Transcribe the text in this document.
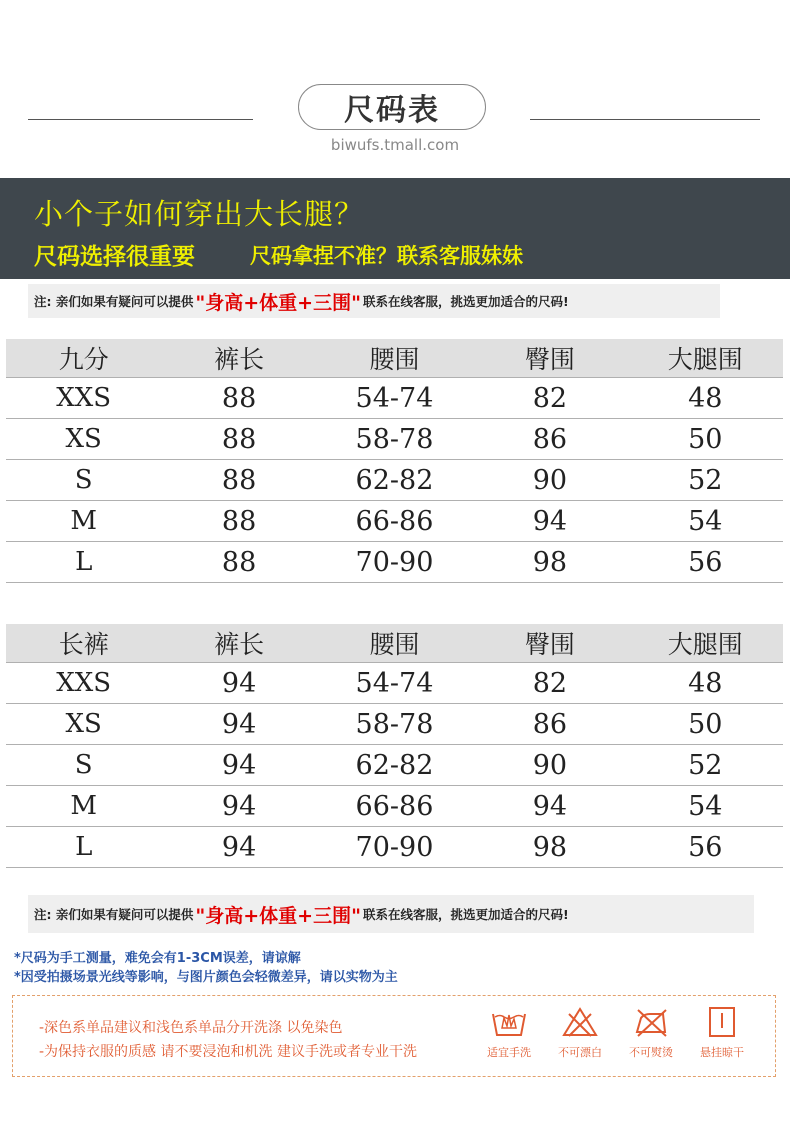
尺码表
biwufs.tmall.com
小个子如何穿出大长腿？
尺码选择很重要	尺码拿捏不准？联系客服妹妹
注: 亲们如果有疑问可以提供 "身高+体重+三围" 联系在线客服，挑选更加适合的尺码!
九分	裤长	腰围	臀围	大腿围
XXS	88	54-74	82	48
XS	88	58-78	86	50
S	88	62-82	90	52
M	88	66-86	94	54
L	88	70-90	98	56
长裤	裤长	腰围	臀围	大腿围
XXS	94	54-74	82	48
XS	94	58-78	86	50
S	94	62-82	90	52
M	94	66-86	94	54
L	94	70-90	98	56
注: 亲们如果有疑问可以提供 "身高+体重+三围" 联系在线客服，挑选更加适合的尺码!
*尺码为手工测量，难免会有1-3CM误差，请谅解
*因受拍摄场景光线等影响，与图片颜色会轻微差异，请以实物为主
-深色系单品建议和浅色系单品分开洗涤 以免染色
-为保持衣服的质感 请不要浸泡和机洗 建议手洗或者专业干洗	适宜手洗	不可漂白	不可熨烫	悬挂晾干
